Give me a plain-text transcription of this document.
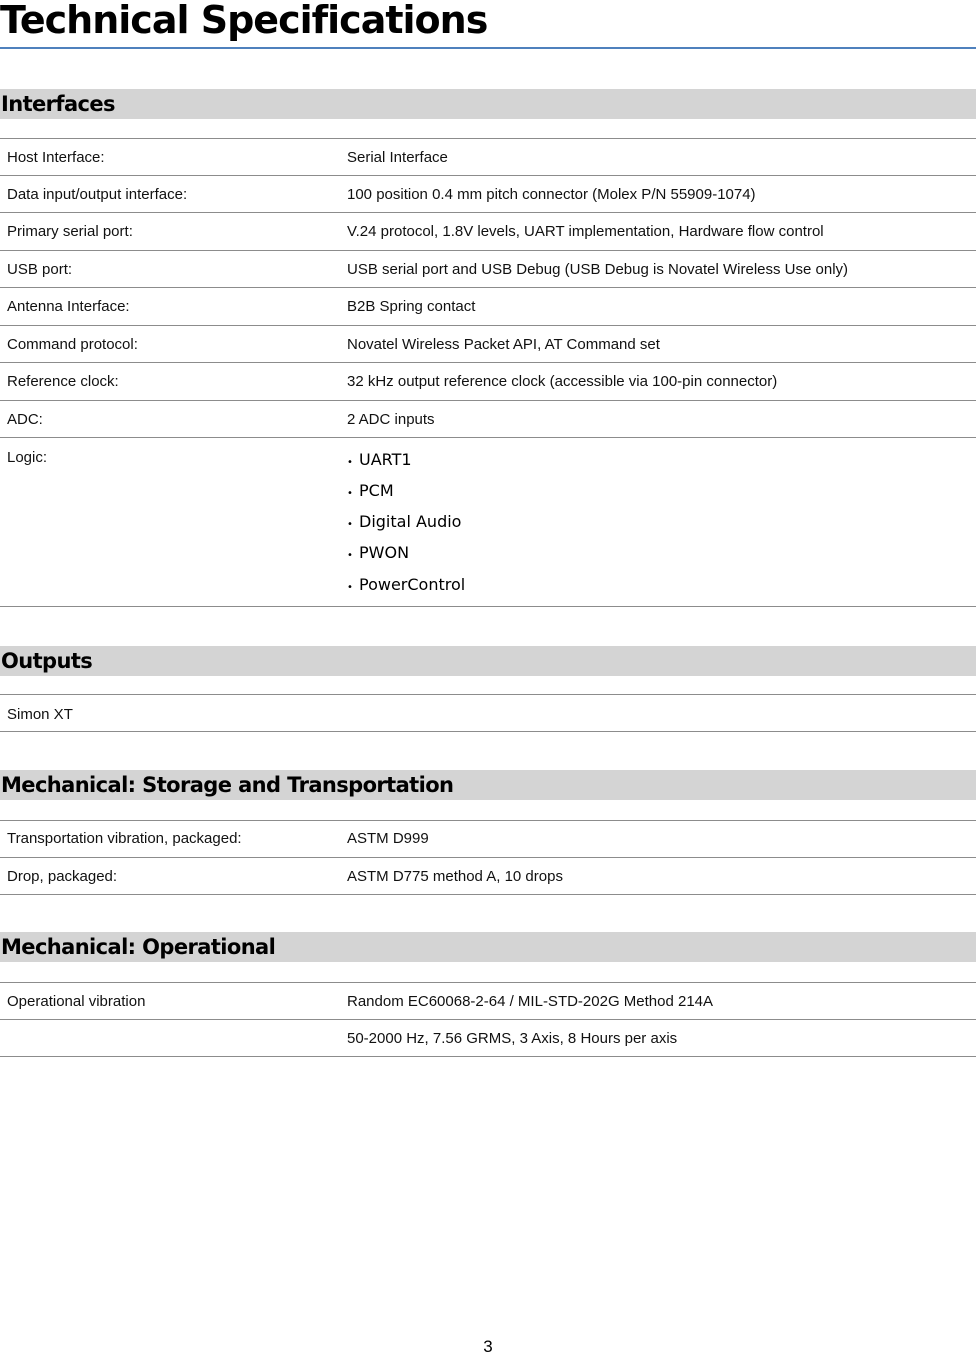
Technical Specifications
Interfaces
Host Interface:	Serial Interface
Data input/output interface:	100 position 0.4 mm pitch connector (Molex P/N 55909-1074)
Primary serial port:	V.24 protocol, 1.8V levels, UART implementation, Hardware flow control
USB port:	USB serial port and USB Debug (USB Debug is Novatel Wireless Use only)
Antenna Interface:	B2B Spring contact
Command protocol:	Novatel Wireless Packet API, AT Command set
Reference clock:	32 kHz output reference clock (accessible via 100-pin connector)
ADC:	2 ADC inputs
Logic:	• UART1
• PCM
• Digital Audio
• PWON
• PowerControl
Outputs
Simon XT
Mechanical: Storage and Transportation
Transportation vibration, packaged:	ASTM D999
Drop, packaged:	ASTM D775 method A, 10 drops
Mechanical: Operational
Operational vibration	Random EC60068-2-64 / MIL-STD-202G Method 214A
50-2000 Hz, 7.56 GRMS, 3 Axis, 8 Hours per axis
3
